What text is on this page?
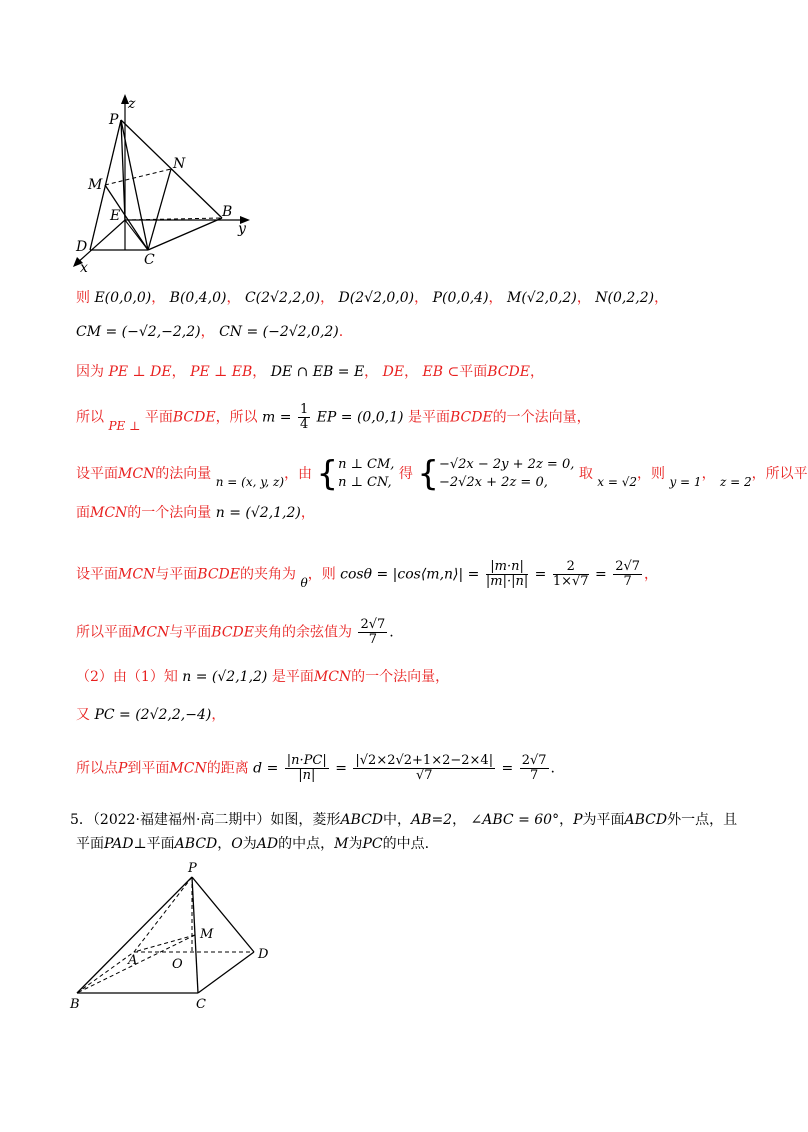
z
P
N
M
E	B
y
D
x	C
则 E(0,0,0)， B(0,4,0)， C(2√2,2,0)， D(2√2,0,0)， P(0,0,4)， M(√2,0,2)， N(0,2,2)，
CM = (−√2,−2,2)， CN = (−2√2,0,2).
因为 PE ⊥ DE， PE ⊥ EB， DE ∩ EB = E， DE， EB ⊂平面BCDE，
所以 PE ⊥ 平面BCDE，所以 $m = \frac{1}{4}$ EP = (0,0,1) 是平面BCDE的一个法向量，
设平面MCN的法向量 n = (x, y, z)，由 { n ⊥ CM,
n ⊥ CN,
得 { −√2x − 2y + 2z = 0,
−2√2x + 2z = 0,
取 x = √2，则 y = 1， z = 2，所以平
面MCN的一个法向量 n = (√2,1,2)，
设平面MCN与平面BCDE的夹角为 θ，则 cosθ = |cos⟨m,n⟩| = $\frac{|m\cdot n|}{|m|\cdot|n|} = \frac{2}{1\times√7} = \frac{2√7}{7}$ ，
所以平面MCN与平面BCDE夹角的余弦值为 $\frac{2√7}{7}$ .
（2）由（1）知 n = (√2,1,2) 是平面MCN的一个法向量，
又 PC = (2√2,2,−4)，
所以点P到平面MCN的距离 $d = \frac{|n\cdot PC|}{|n|} = \frac{|√2\times 2√2+1\times 2-2\times 4|}{√7} = \frac{2√7}{7}$ .
5．（2022·福建福州·高二期中）如图，菱形ABCD中，AB=2， ∠ABC = 60°，P为平面ABCD外一点，且
平面PAD⊥平面ABCD，O为AD的中点，M为PC的中点.
P
M
A	O
D
B	C
